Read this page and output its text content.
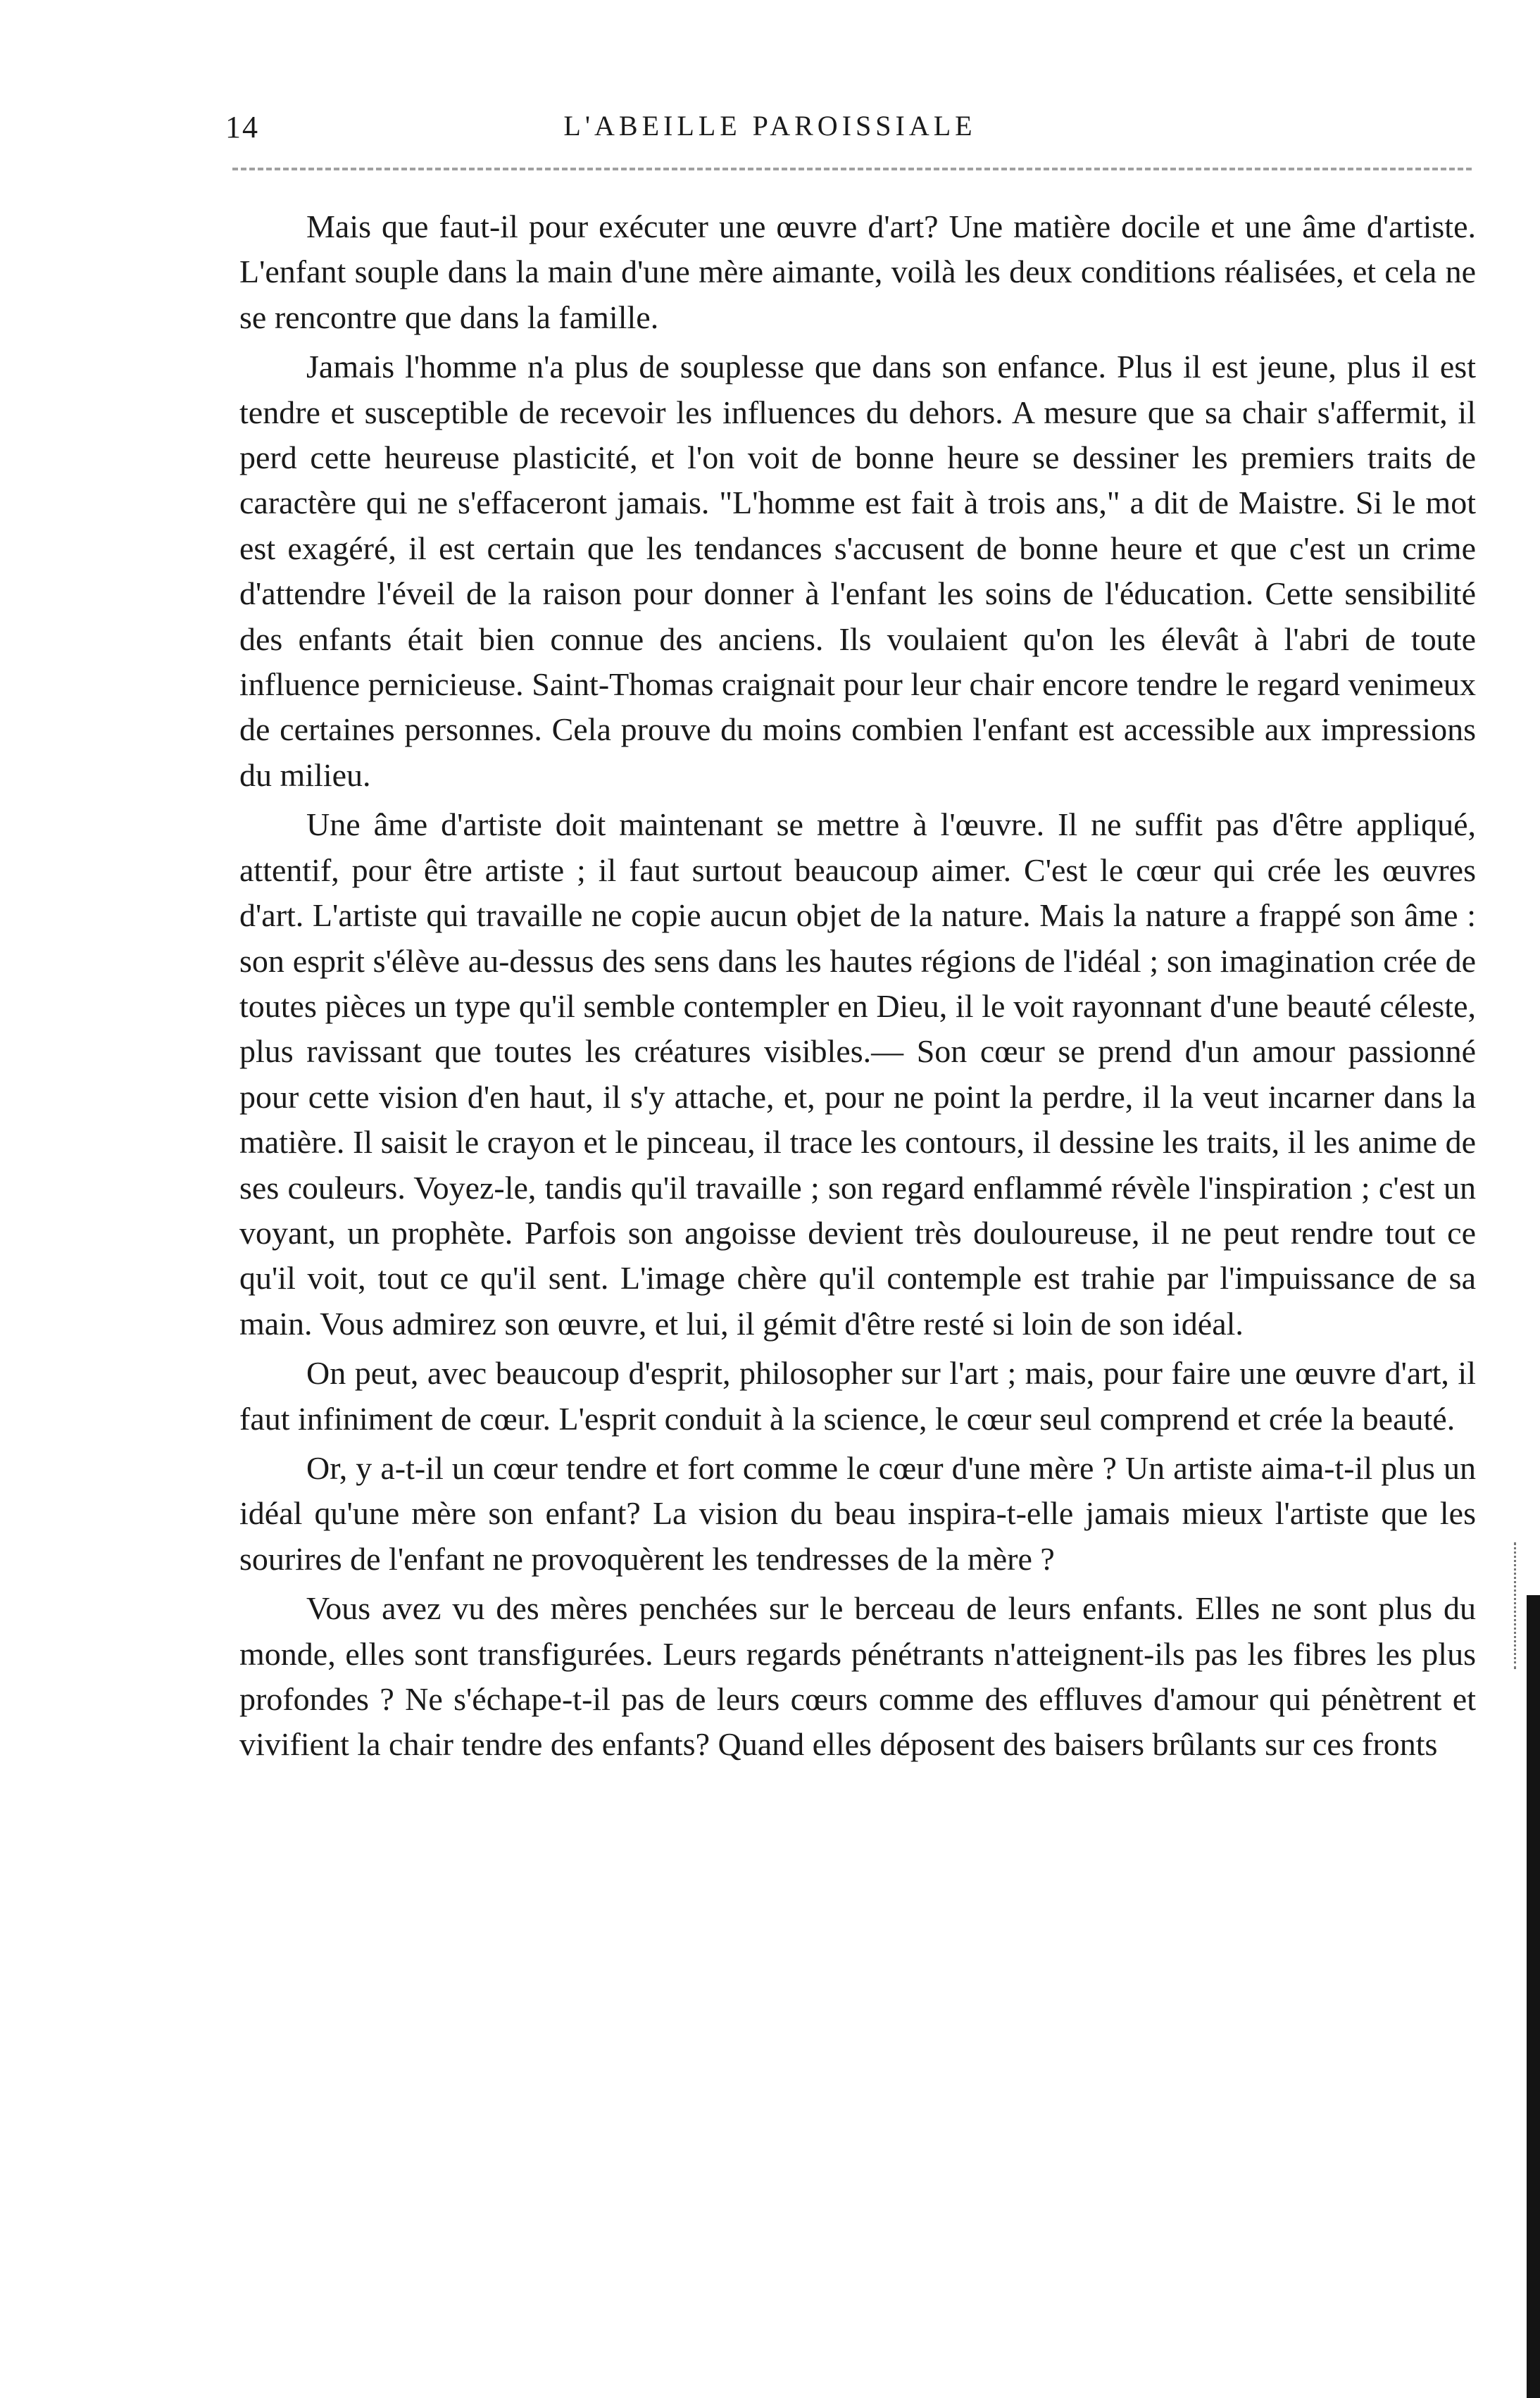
14	L'ABEILLE PAROISSIALE

Mais que faut-il pour exécuter une œuvre d'art? Une matière docile et une âme d'artiste. L'enfant souple dans la main d'une mère aimante, voilà les deux conditions réalisées, et cela ne se rencontre que dans la famille.

Jamais l'homme n'a plus de souplesse que dans son enfance. Plus il est jeune, plus il est tendre et susceptible de recevoir les influences du dehors. A mesure que sa chair s'affermit, il perd cette heureuse plasticité, et l'on voit de bonne heure se dessiner les premiers traits de caractère qui ne s'effaceront jamais. "L'homme est fait à trois ans," a dit de Maistre. Si le mot est exagéré, il est certain que les tendances s'accusent de bonne heure et que c'est un crime d'attendre l'éveil de la raison pour donner à l'enfant les soins de l'éducation. Cette sensibilité des enfants était bien connue des anciens. Ils voulaient qu'on les élevât à l'abri de toute influence pernicieuse. Saint-Thomas craignait pour leur chair encore tendre le regard venimeux de certaines personnes. Cela prouve du moins combien l'enfant est accessible aux impressions du milieu.

Une âme d'artiste doit maintenant se mettre à l'œuvre. Il ne suffit pas d'être appliqué, attentif, pour être artiste ; il faut surtout beaucoup aimer. C'est le cœur qui crée les œuvres d'art. L'artiste qui travaille ne copie aucun objet de la nature. Mais la nature a frappé son âme : son esprit s'élève au-dessus des sens dans les hautes régions de l'idéal ; son imagination crée de toutes pièces un type qu'il semble contempler en Dieu, il le voit rayonnant d'une beauté céleste, plus ravissant que toutes les créatures visibles.— Son cœur se prend d'un amour passionné pour cette vision d'en haut, il s'y attache, et, pour ne point la perdre, il la veut incarner dans la matière. Il saisit le crayon et le pinceau, il trace les contours, il dessine les traits, il les anime de ses couleurs. Voyez-le, tandis qu'il travaille ; son regard enflammé révèle l'inspiration ; c'est un voyant, un prophète. Parfois son angoisse devient très douloureuse, il ne peut rendre tout ce qu'il voit, tout ce qu'il sent. L'image chère qu'il contemple est trahie par l'impuissance de sa main. Vous admirez son œuvre, et lui, il gémit d'être resté si loin de son idéal.

On peut, avec beaucoup d'esprit, philosopher sur l'art ; mais, pour faire une œuvre d'art, il faut infiniment de cœur. L'esprit conduit à la science, le cœur seul comprend et crée la beauté.

Or, y a-t-il un cœur tendre et fort comme le cœur d'une mère ? Un artiste aima-t-il plus un idéal qu'une mère son enfant? La vision du beau inspira-t-elle jamais mieux l'artiste que les sourires de l'enfant ne provoquèrent les tendresses de la mère ?

Vous avez vu des mères penchées sur le berceau de leurs enfants. Elles ne sont plus du monde, elles sont transfigurées. Leurs regards pénétrants n'atteignent-ils pas les fibres les plus profondes ? Ne s'échape-t-il pas de leurs cœurs comme des effluves d'amour qui pénètrent et vivifient la chair tendre des enfants? Quand elles déposent des baisers brûlants sur ces fronts
